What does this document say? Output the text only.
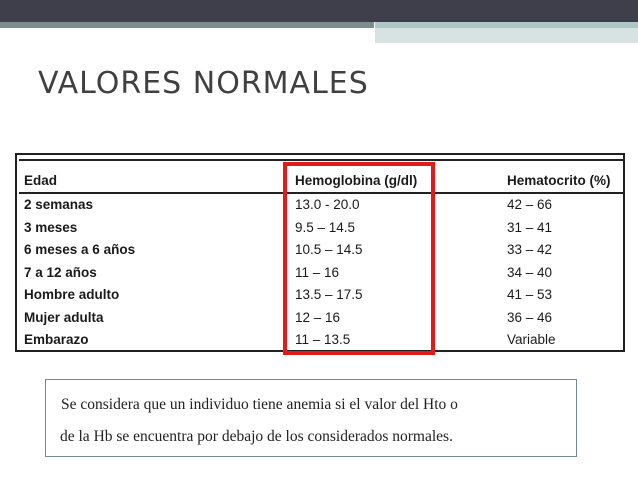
VALORES NORMALES
Edad	Hemoglobina (g/dl)	Hematocrito (%)
2 semanas	13.0 - 20.0	42 – 66
3 meses	9.5 – 14.5	31 – 41
6 meses a 6 años	10.5 – 14.5	33 – 42
7 a 12 años	11 – 16	34 – 40
Hombre adulto	13.5 – 17.5	41 – 53
Mujer adulta	12 – 16	36 – 46
Embarazo	11 – 13.5	Variable
Se considera que un individuo tiene anemia si el valor del Hto o
de la Hb se encuentra por debajo de los considerados normales.
